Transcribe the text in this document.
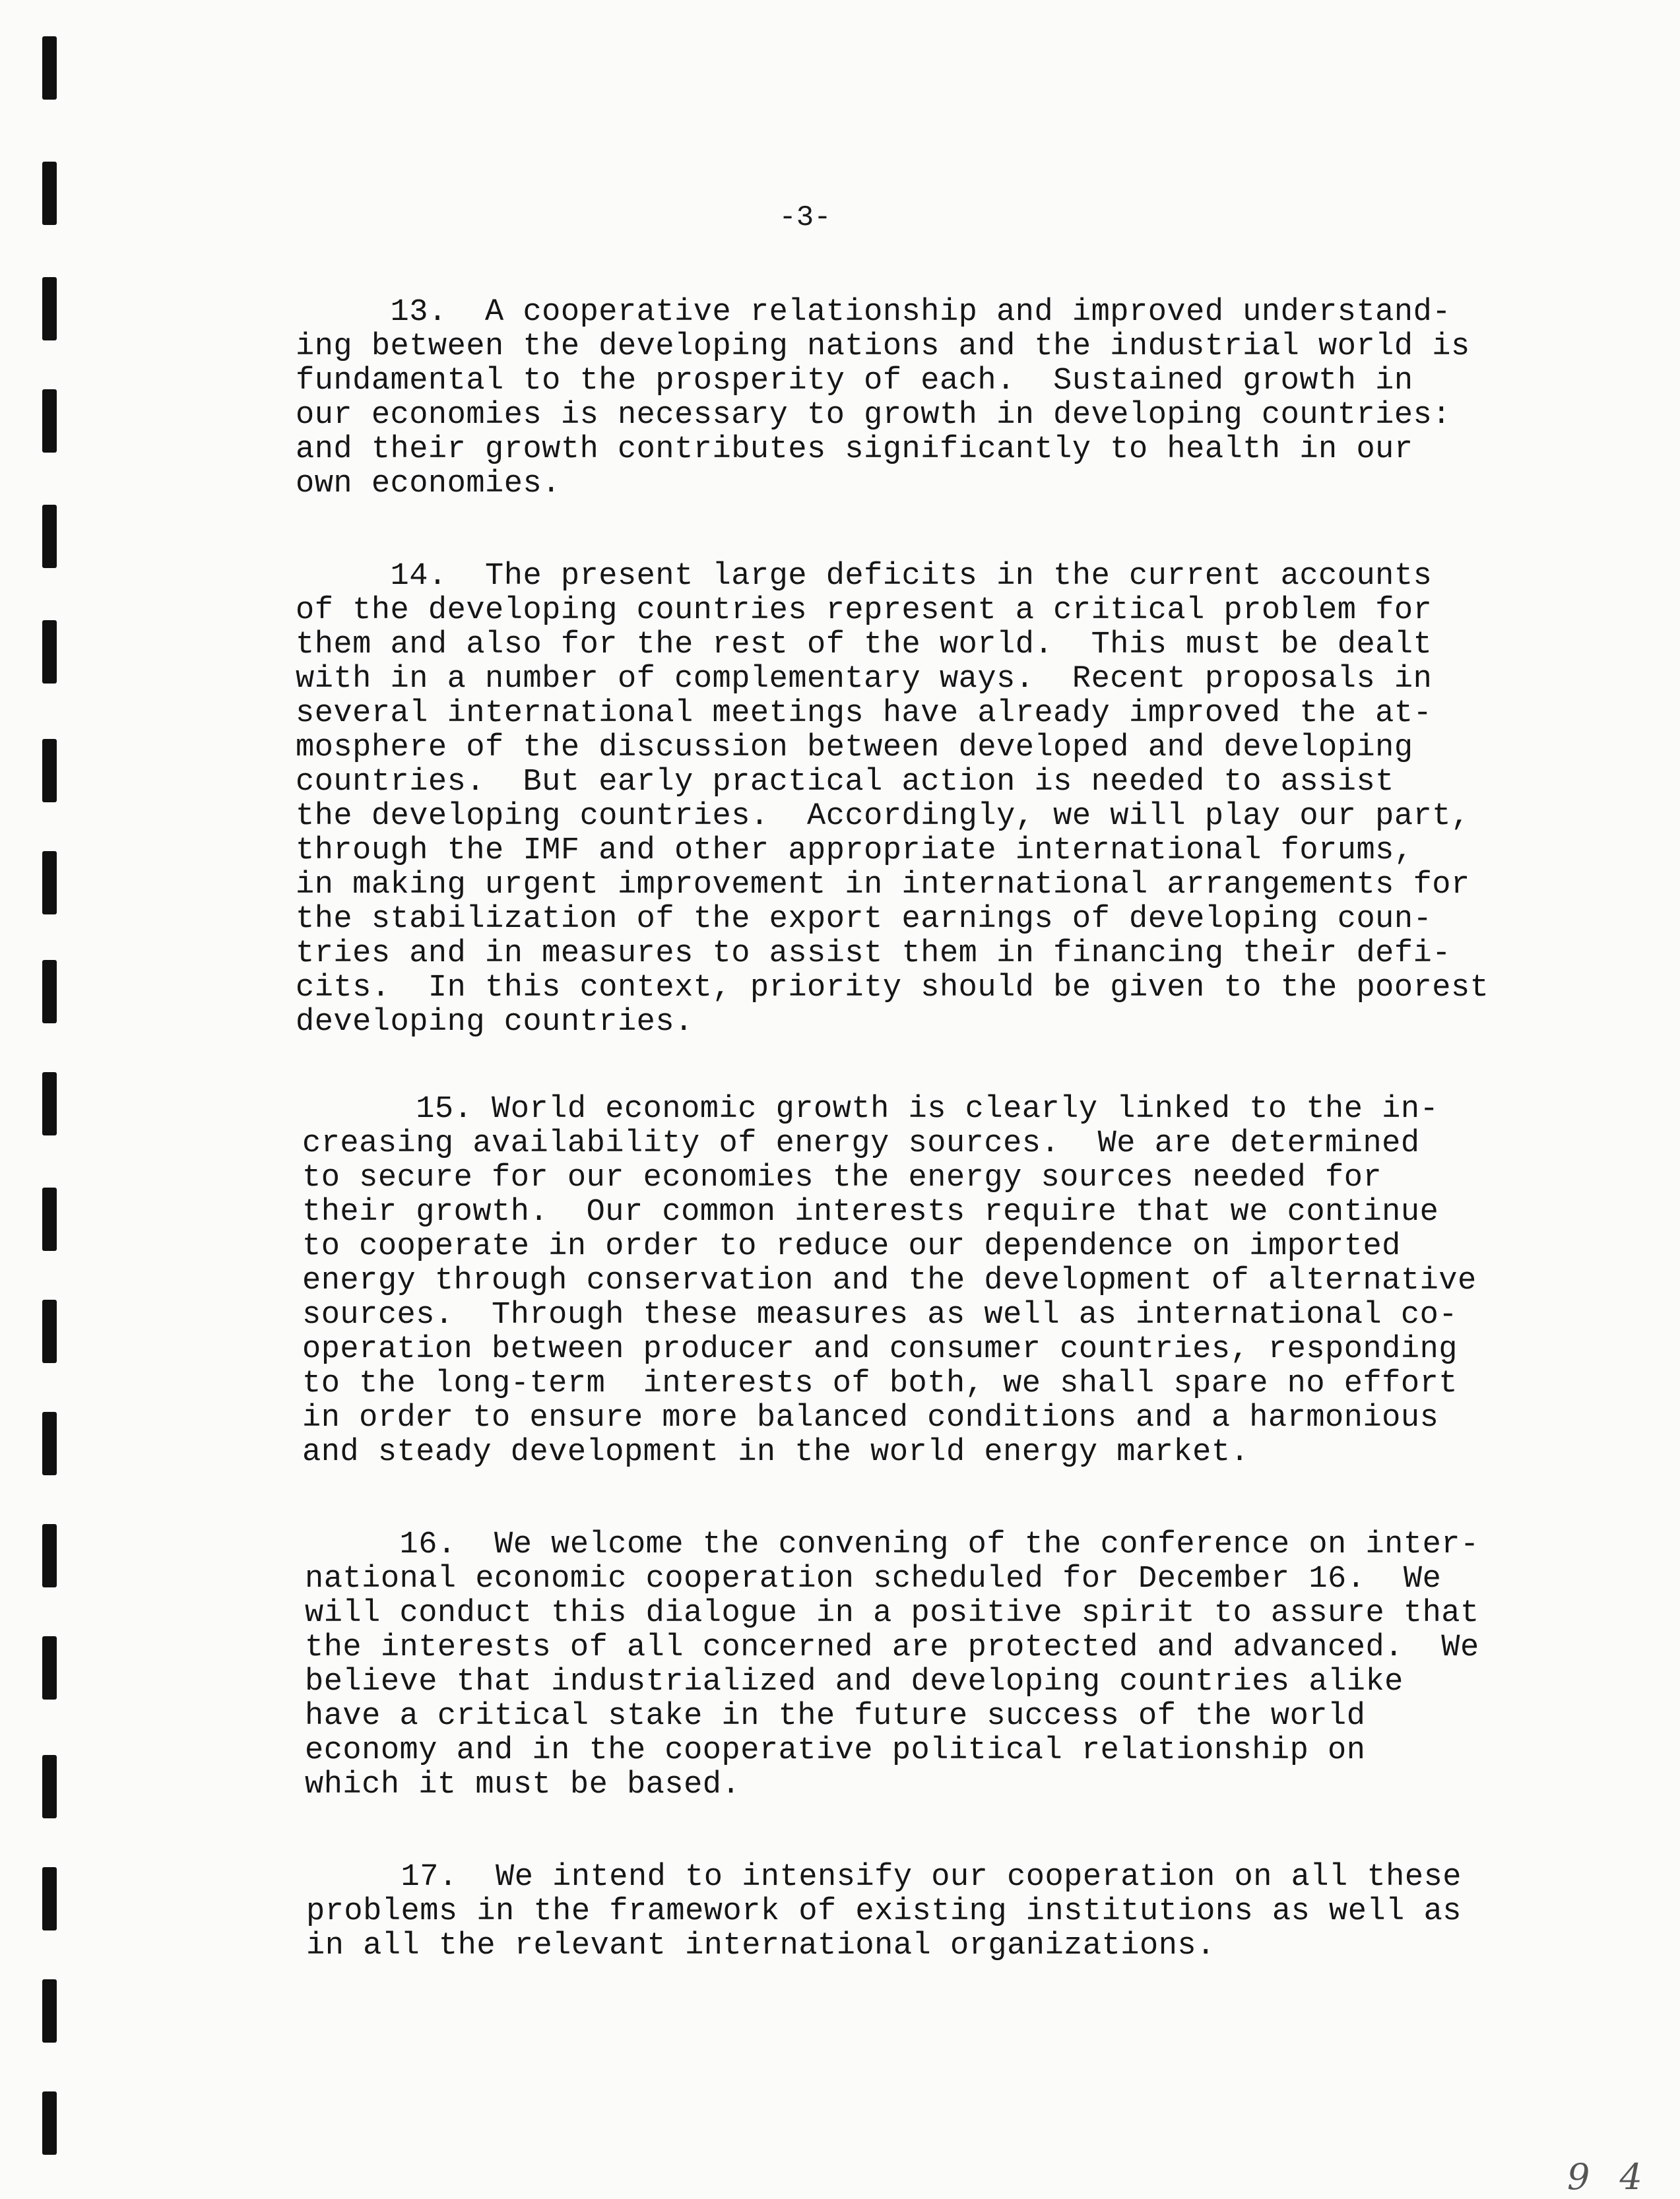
-3-
13.  A cooperative relationship and improved understand-
ing between the developing nations and the industrial world is
fundamental to the prosperity of each.  Sustained growth in
our economies is necessary to growth in developing countries:
and their growth contributes significantly to health in our
own economies.
14.  The present large deficits in the current accounts
of the developing countries represent a critical problem for
them and also for the rest of the world.  This must be dealt
with in a number of complementary ways.  Recent proposals in
several international meetings have already improved the at-
mosphere of the discussion between developed and developing
countries.  But early practical action is needed to assist
the developing countries.  Accordingly, we will play our part,
through the IMF and other appropriate international forums,
in making urgent improvement in international arrangements for
the stabilization of the export earnings of developing coun-
tries and in measures to assist them in financing their defi-
cits.  In this context, priority should be given to the poorest
developing countries.
15. World economic growth is clearly linked to the in-
creasing availability of energy sources.  We are determined
to secure for our economies the energy sources needed for
their growth.  Our common interests require that we continue
to cooperate in order to reduce our dependence on imported
energy through conservation and the development of alternative
sources.  Through these measures as well as international co-
operation between producer and consumer countries, responding
to the long-term  interests of both, we shall spare no effort
in order to ensure more balanced conditions and a harmonious
and steady development in the world energy market.
16.  We welcome the convening of the conference on inter-
national economic cooperation scheduled for December 16.  We
will conduct this dialogue in a positive spirit to assure that
the interests of all concerned are protected and advanced.  We
believe that industrialized and developing countries alike
have a critical stake in the future success of the world
economy and in the cooperative political relationship on
which it must be based.
17.  We intend to intensify our cooperation on all these
problems in the framework of existing institutions as well as
in all the relevant international organizations.
9 4
